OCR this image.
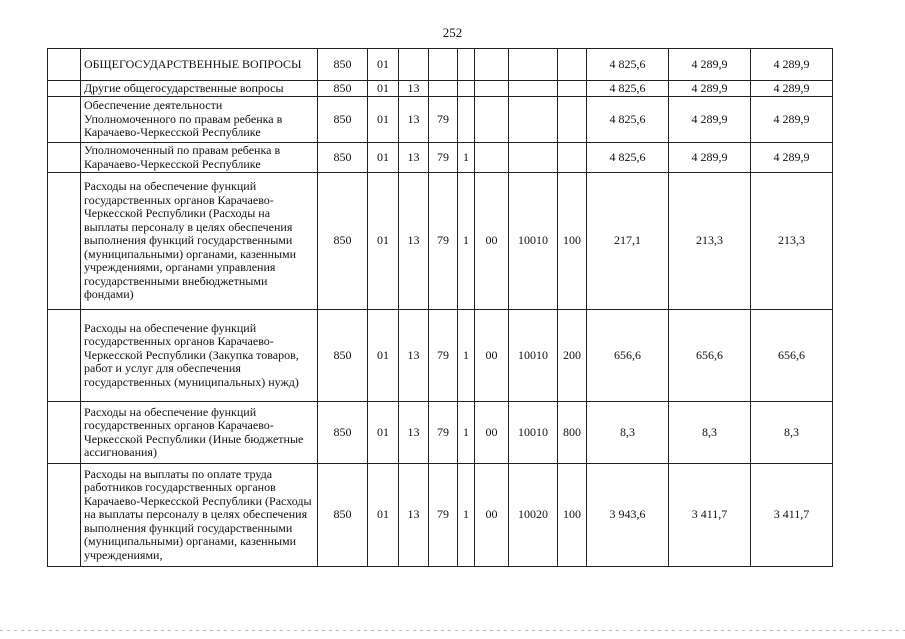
252
	ОБЩЕГОСУДАРСТВЕННЫЕ ВОПРОСЫ	850	01							4 825,6	4 289,9	4 289,9
	Другие общегосударственные вопросы	850	01	13						4 825,6	4 289,9	4 289,9
	Обеспечение деятельности Уполномоченного по правам ребенка в Карачаево-Черкесской Республике	850	01	13	79					4 825,6	4 289,9	4 289,9
	Уполномоченный по правам ребенка в Карачаево-Черкесской Республике	850	01	13	79	1				4 825,6	4 289,9	4 289,9
	Расходы на обеспечение функций государственных органов Карачаево-Черкесской Республики (Расходы на выплаты персоналу в целях обеспечения выполнения функций государственными (муниципальными) органами, казенными учреждениями, органами управления государственными внебюджетными фондами)	850	01	13	79	1	00	10010	100	217,1	213,3	213,3
	Расходы на обеспечение функций государственных органов Карачаево-Черкесской Республики (Закупка товаров, работ и услуг для обеспечения государственных (муниципальных) нужд)	850	01	13	79	1	00	10010	200	656,6	656,6	656,6
	Расходы на обеспечение функций государственных органов Карачаево-Черкесской Республики (Иные бюджетные ассигнования)	850	01	13	79	1	00	10010	800	8,3	8,3	8,3
	Расходы на выплаты по оплате труда работников государственных органов Карачаево-Черкесской Республики (Расходы на выплаты персоналу в целях обеспечения выполнения функций государственными (муниципальными) органами, казенными учреждениями,	850	01	13	79	1	00	10020	100	3 943,6	3 411,7	3 411,7
